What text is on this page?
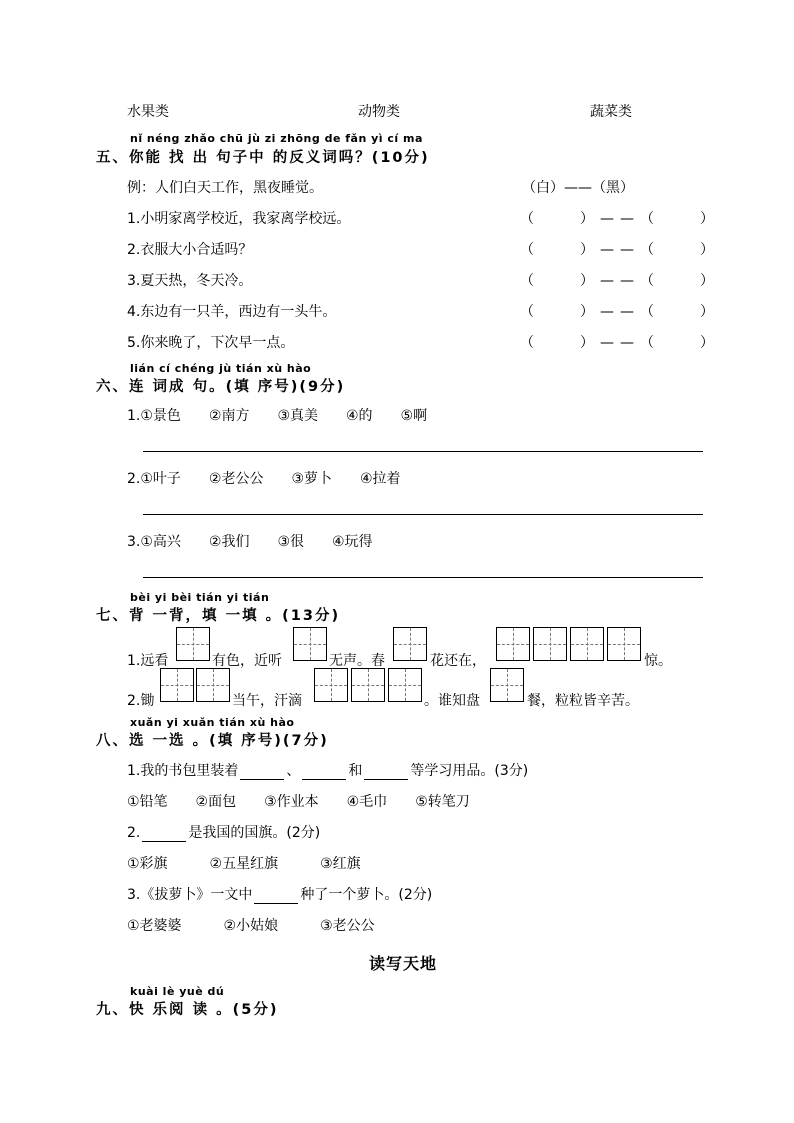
水果类	动物类	蔬菜类
nǐ néng zhǎo chū jù zi zhōng de fǎn yì cí ma
五、你能 找 出 句子中 的反义词吗？(10分)
例：人们白天工作，黑夜睡觉。	（白）——（黑）
1.小明家离学校近，我家离学校远。	（　　）——（　　）
2.衣服大小合适吗？	（　　）——（　　）
3.夏天热，冬天冷。	（　　）——（　　）
4.东边有一只羊，西边有一头牛。	（　　）——（　　）
5.你来晚了，下次早一点。	（　　）——（　　）
lián cí chéng jù tián xù hào
六、连 词成 句。(填 序号)(9分)
1.①景色　　②南方　　③真美　　④的　　⑤啊
2.①叶子　　②老公公　　③萝卜　　④拉着
3.①高兴　　②我们　　③很　　④玩得
bèi yi bèi tián yi tián
七、背 一背，填 一填 。(13分)
1.远看	有色，近听	无声。春	花还在，	惊。
2.锄	当午，汗滴	。谁知盘	餐，粒粒皆辛苦。
xuǎn yi xuǎn tián xù hào
八、选 一选 。(填 序号)(7分)
1.我的书包里装着	、	和	等学习用品。(3分)
①铅笔　　②面包　　③作业本　　④毛巾　　⑤转笔刀
2.	是我国的国旗。(2分)
①彩旗　　　②五星红旗　　　③红旗
3.《拔萝卜》一文中	种了一个萝卜。(2分)
①老婆婆　　　②小姑娘　　　③老公公
读写天地
kuài lè yuè dú
九、快 乐阅 读 。(5分)
